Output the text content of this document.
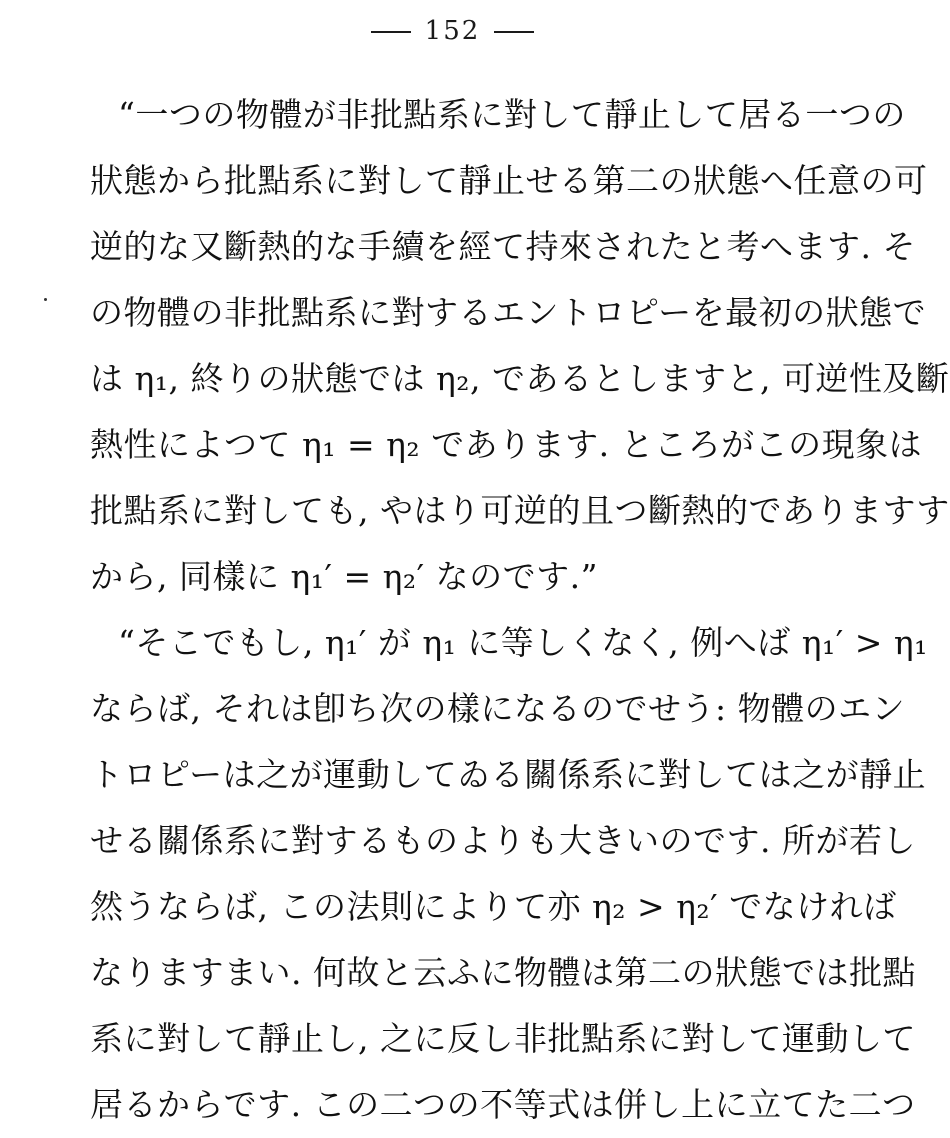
152
“一つの物體が非批點系に對して靜止して居る一つの
狀態から批點系に對して靜止せる第二の狀態へ任意の可
逆的な又斷熱的な手續を經て持來されたと考へます. そ
の物體の非批點系に對するエントロピーを最初の狀態で
は η₁, 終りの狀態では η₂, であるとしますと, 可逆性及斷
熱性によつて η₁ = η₂ であります. ところがこの現象は
批點系に對しても, やはり可逆的且つ斷熱的でありますす
から, 同樣に η₁′ = η₂′ なのです.”
“そこでもし, η₁′ が η₁ に等しくなく, 例へば η₁′ > η₁
ならば, それは卽ち次の樣になるのでせう: 物體のエン
トロピーは之が運動してゐる關係系に對しては之が靜止
せる關係系に對するものよりも大きいのです. 所が若し
然うならば, この法則によりて亦 η₂ > η₂′ でなければ
なりますまい. 何故と云ふに物體は第二の狀態では批點
系に對して靜止し, 之に反し非批點系に對して運動して
居るからです. この二つの不等式は併し上に立てた二つ
